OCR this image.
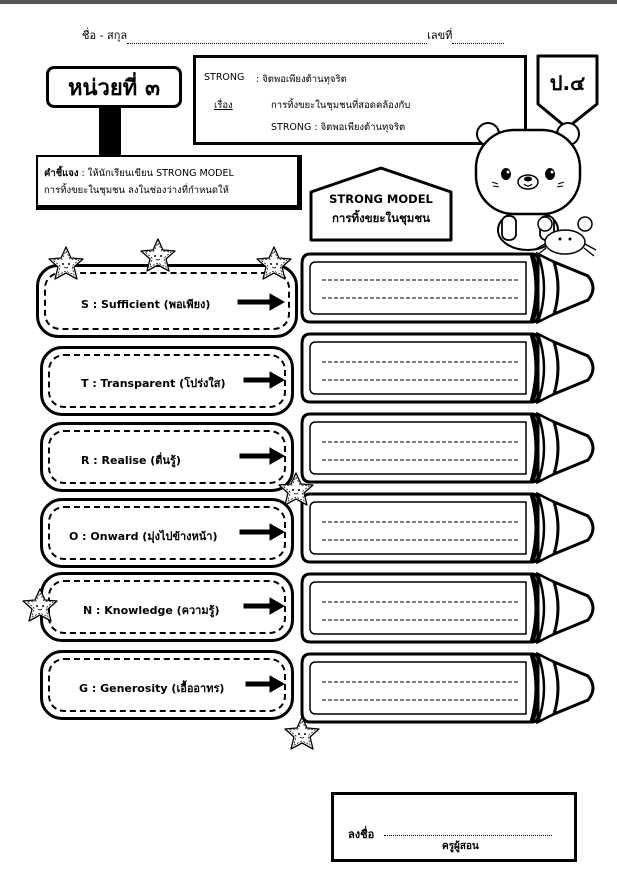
ชื่อ - สกุล	เลขที่
หน่วยที่ ๓	STRONG : จิตพอเพียงต้านทุจริต
เรื่อง	การทิ้งขยะในชุมชนที่สอดคล้องกับ
STRONG : จิตพอเพียงต้านทุจริต
ป.๔
คำชี้แจง : ให้นักเรียนเขียน STRONG MODEL
การทิ้งขยะในชุมชน ลงในช่องว่างที่กำหนดให้
STRONG MODEL
การทิ้งขยะในชุมชน
S : Sufficient (พอเพียง)
T : Transparent (โปร่งใส)
R : Realise (ตื่นรู้)
O : Onward (มุ่งไปข้างหน้า)
N : Knowledge (ความรู้)
G : Generosity (เอื้ออาทร)
ลงชื่อ
ครูผู้สอน
